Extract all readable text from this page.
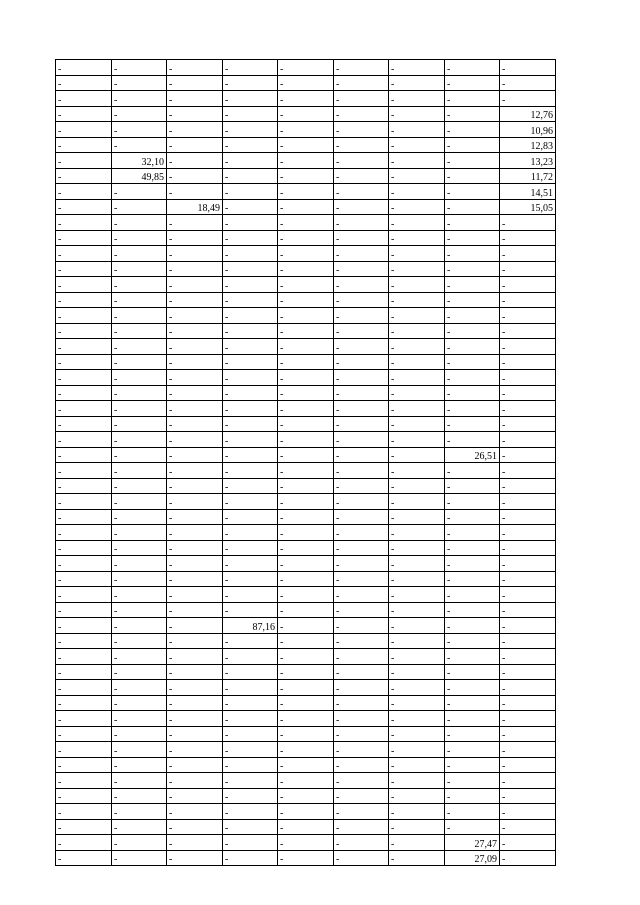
-	-	-	-	-	-	-	-	-
-	-	-	-	-	-	-	-	-
-	-	-	-	-	-	-	-	-
-	-	-	-	-	-	-	-	12,76
-	-	-	-	-	-	-	-	10,96
-	-	-	-	-	-	-	-	12,83
-	32,10	-	-	-	-	-	-	13,23
-	49,85	-	-	-	-	-	-	11,72
-	-	-	-	-	-	-	-	14,51
-	-	18,49	-	-	-	-	-	15,05
-	-	-	-	-	-	-	-	-
-	-	-	-	-	-	-	-	-
-	-	-	-	-	-	-	-	-
-	-	-	-	-	-	-	-	-
-	-	-	-	-	-	-	-	-
-	-	-	-	-	-	-	-	-
-	-	-	-	-	-	-	-	-
-	-	-	-	-	-	-	-	-
-	-	-	-	-	-	-	-	-
-	-	-	-	-	-	-	-	-
-	-	-	-	-	-	-	-	-
-	-	-	-	-	-	-	-	-
-	-	-	-	-	-	-	-	-
-	-	-	-	-	-	-	-	-
-	-	-	-	-	-	-	-	-
-	-	-	-	-	-	-	26,51	-
-	-	-	-	-	-	-	-	-
-	-	-	-	-	-	-	-	-
-	-	-	-	-	-	-	-	-
-	-	-	-	-	-	-	-	-
-	-	-	-	-	-	-	-	-
-	-	-	-	-	-	-	-	-
-	-	-	-	-	-	-	-	-
-	-	-	-	-	-	-	-	-
-	-	-	-	-	-	-	-	-
-	-	-	-	-	-	-	-	-
-	-	-	87,16	-	-	-	-	-
-	-	-	-	-	-	-	-	-
-	-	-	-	-	-	-	-	-
-	-	-	-	-	-	-	-	-
-	-	-	-	-	-	-	-	-
-	-	-	-	-	-	-	-	-
-	-	-	-	-	-	-	-	-
-	-	-	-	-	-	-	-	-
-	-	-	-	-	-	-	-	-
-	-	-	-	-	-	-	-	-
-	-	-	-	-	-	-	-	-
-	-	-	-	-	-	-	-	-
-	-	-	-	-	-	-	-	-
-	-	-	-	-	-	-	-	-
-	-	-	-	-	-	-	27,47	-
-	-	-	-	-	-	-	27,09	-
